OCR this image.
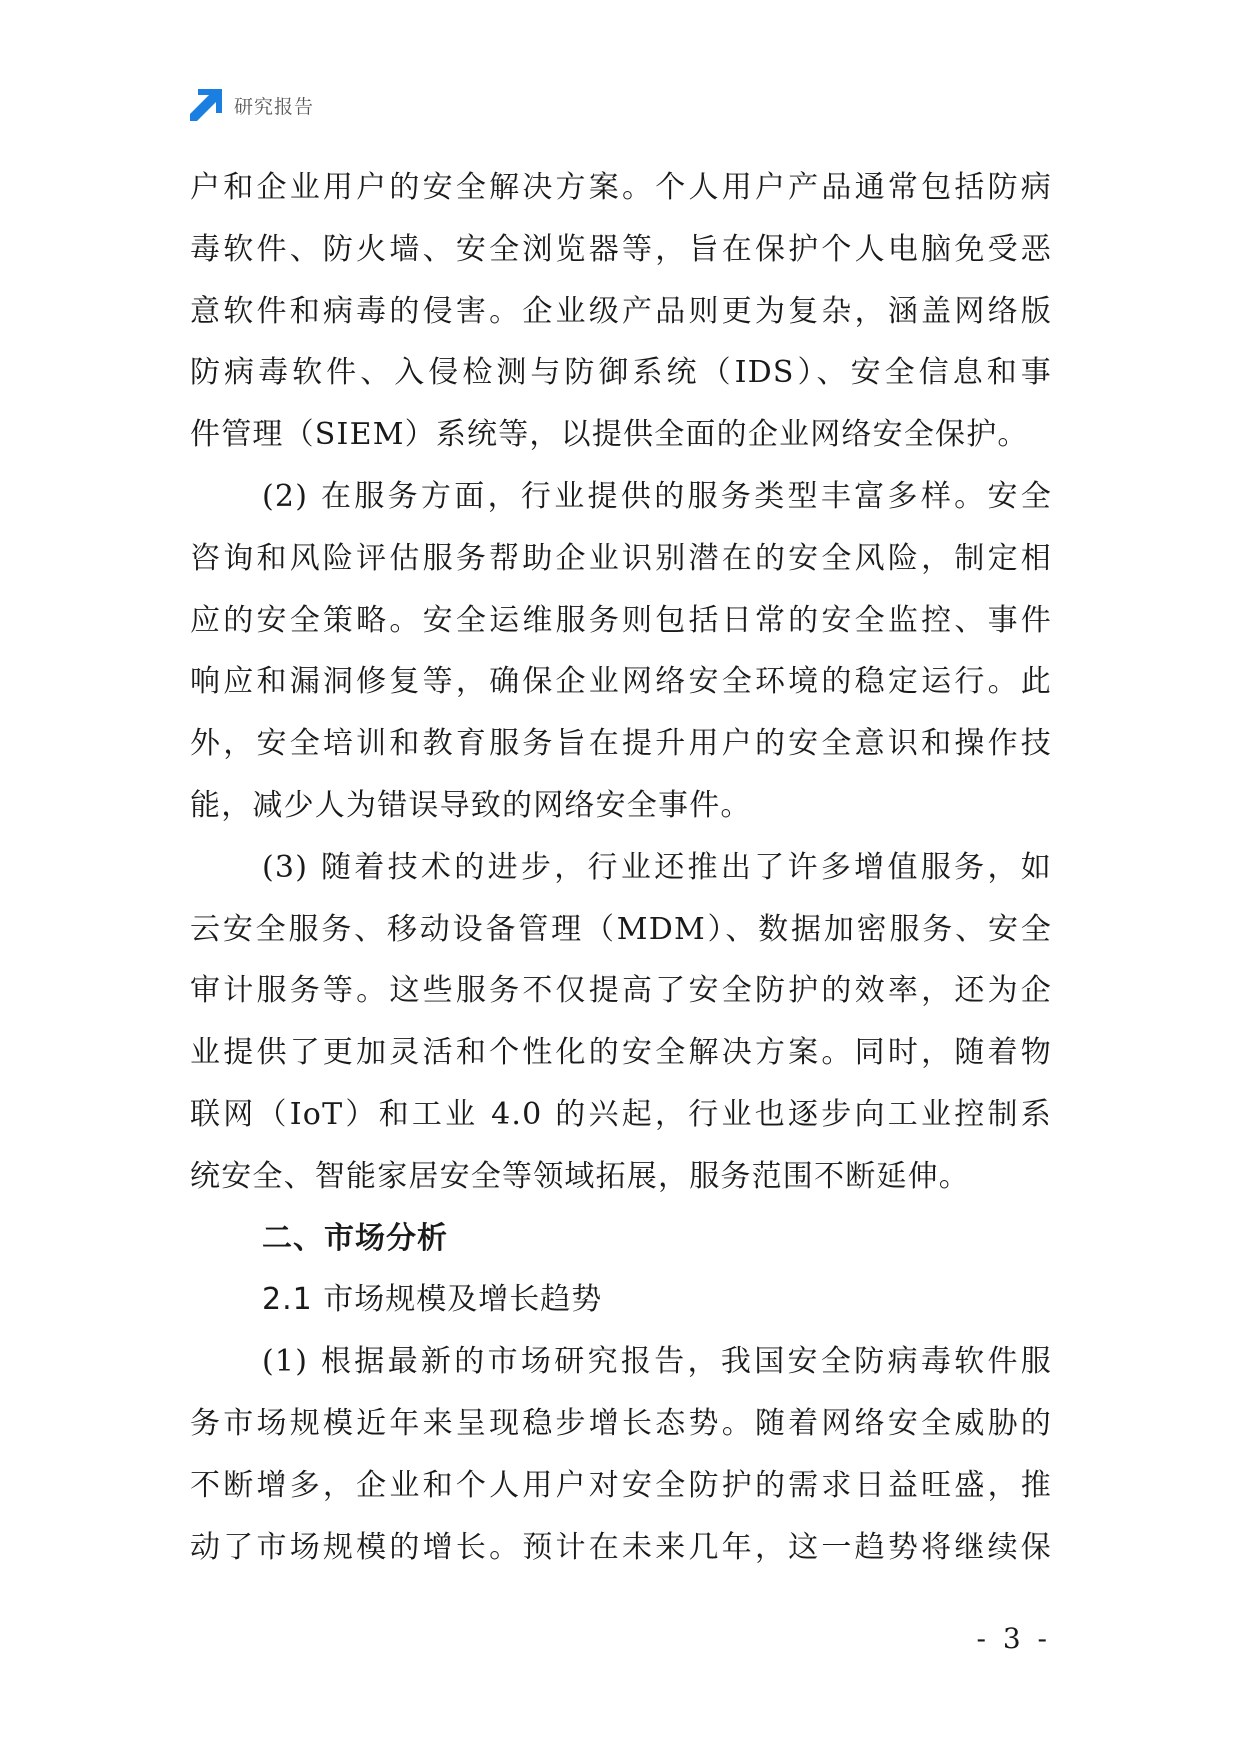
研究报告

户和企业用户的安全解决方案。个人用户产品通常包括防病

毒软件、防火墙、安全浏览器等，旨在保护个人电脑免受恶

意软件和病毒的侵害。企业级产品则更为复杂，涵盖网络版

防病毒软件、入侵检测与防御系统（IDS）、安全信息和事

件管理（SIEM）系统等，以提供全面的企业网络安全保护。

(2) 在服务方面，行业提供的服务类型丰富多样。安全

咨询和风险评估服务帮助企业识别潜在的安全风险，制定相

应的安全策略。安全运维服务则包括日常的安全监控、事件

响应和漏洞修复等，确保企业网络安全环境的稳定运行。此

外，安全培训和教育服务旨在提升用户的安全意识和操作技

能，减少人为错误导致的网络安全事件。

(3) 随着技术的进步，行业还推出了许多增值服务，如

云安全服务、移动设备管理（MDM）、数据加密服务、安全

审计服务等。这些服务不仅提高了安全防护的效率，还为企

业提供了更加灵活和个性化的安全解决方案。同时，随着物

联网（IoT）和工业 4.0 的兴起，行业也逐步向工业控制系

统安全、智能家居安全等领域拓展，服务范围不断延伸。

二、市场分析
2.1 市场规模及增长趋势

(1) 根据最新的市场研究报告，我国安全防病毒软件服

务市场规模近年来呈现稳步增长态势。随着网络安全威胁的

不断增多，企业和个人用户对安全防护的需求日益旺盛，推

动了市场规模的增长。预计在未来几年，这一趋势将继续保

- 3 -
